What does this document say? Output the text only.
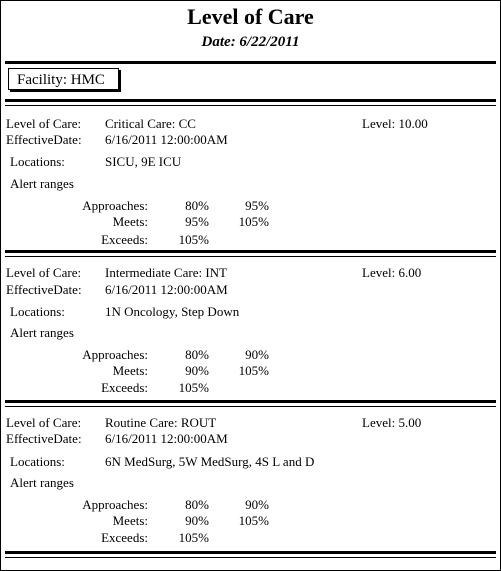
Level of Care
Date: 6/22/2011
Facility: HMC
Level of Care: Critical Care: CC	Level: 10.00
EffectiveDate: 6/16/2011 12:00:00AM
Locations:	SICU, 9E ICU
Alert ranges
Approaches:	80%	95%
Meets:	95%	105%
Exceeds:	105%
Level of Care: Intermediate Care: INT	Level: 6.00
EffectiveDate: 6/16/2011 12:00:00AM
Locations:	1N Oncology, Step Down
Alert ranges
Approaches:	80%	90%
Meets:	90%	105%
Exceeds:	105%
Level of Care: Routine Care: ROUT	Level: 5.00
EffectiveDate: 6/16/2011 12:00:00AM
Locations:	6N MedSurg, 5W MedSurg, 4S L and D
Alert ranges
Approaches:	80%	90%
Meets:	90%	105%
Exceeds:	105%
